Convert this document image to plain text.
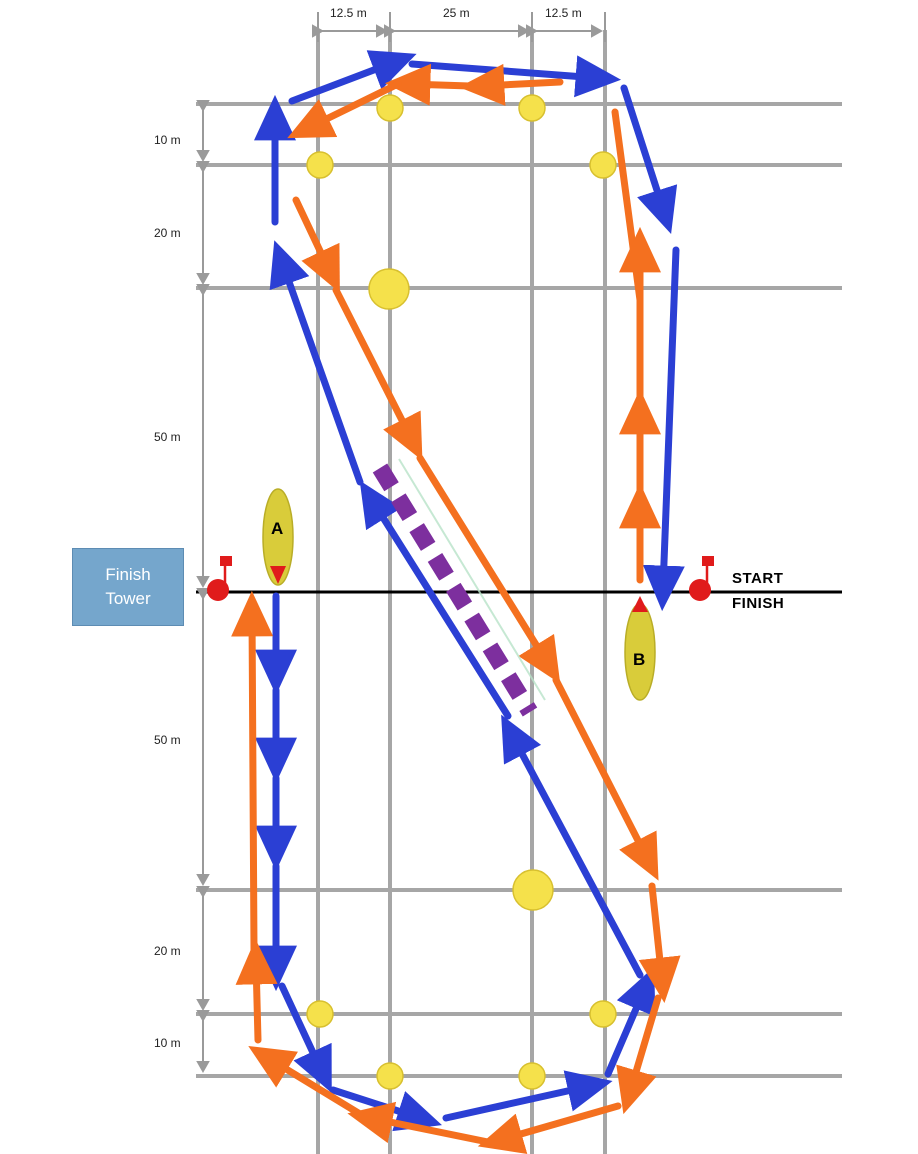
Finish
Tower
START
FINISH
A
B
12.5 m	25 m	12.5 m
10 m
20 m
50 m
50 m
20 m
10 m
